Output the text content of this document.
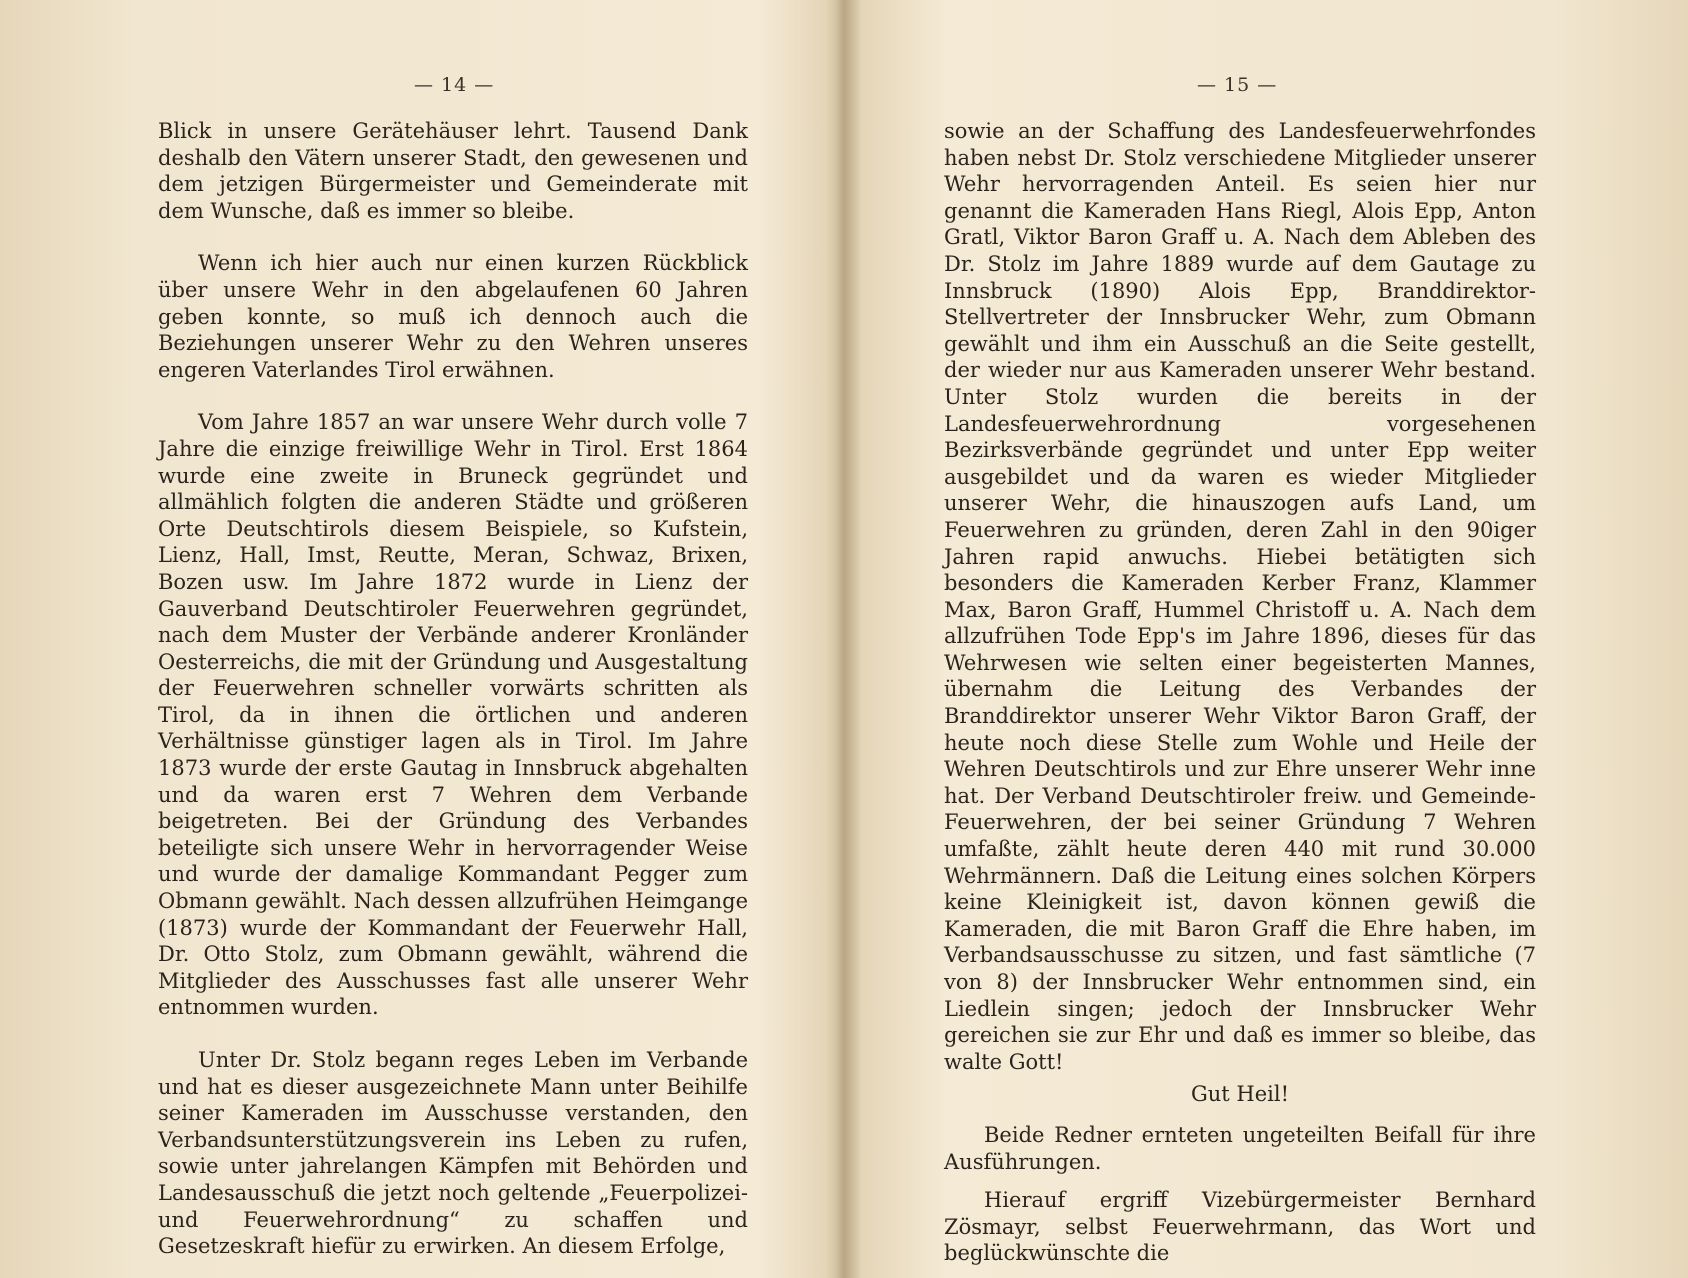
— 14 —

Blick in unsere Gerätehäuser lehrt. Tausend Dank deshalb den Vätern unserer Stadt, den gewesenen und dem jetzigen Bürgermeister und Gemeinderate mit dem Wunsche, daß es immer so bleibe.

Wenn ich hier auch nur einen kurzen Rückblick über unsere Wehr in den abgelaufenen 60 Jahren geben konnte, so muß ich dennoch auch die Beziehungen unserer Wehr zu den Wehren unseres engeren Vaterlandes Tirol erwähnen.

Vom Jahre 1857 an war unsere Wehr durch volle 7 Jahre die einzige freiwillige Wehr in Tirol. Erst 1864 wurde eine zweite in Bruneck gegründet und allmählich folgten die anderen Städte und größeren Orte Deutschtirols diesem Beispiele, so Kufstein, Lienz, Hall, Imst, Reutte, Meran, Schwaz, Brixen, Bozen usw. Im Jahre 1872 wurde in Lienz der Gauverband Deutschtiroler Feuerwehren gegründet, nach dem Muster der Verbände anderer Kronländer Oesterreichs, die mit der Gründung und Ausgestaltung der Feuerwehren schneller vorwärts schritten als Tirol, da in ihnen die örtlichen und anderen Verhältnisse günstiger lagen als in Tirol. Im Jahre 1873 wurde der erste Gautag in Innsbruck abgehalten und da waren erst 7 Wehren dem Verbande beigetreten. Bei der Gründung des Verbandes beteiligte sich unsere Wehr in hervorragender Weise und wurde der damalige Kommandant Pegger zum Obmann gewählt. Nach dessen allzufrühen Heimgange (1873) wurde der Kommandant der Feuerwehr Hall, Dr. Otto Stolz, zum Obmann gewählt, während die Mitglieder des Ausschusses fast alle unserer Wehr entnommen wurden.

Unter Dr. Stolz begann reges Leben im Verbande und hat es dieser ausgezeichnete Mann unter Beihilfe seiner Kameraden im Ausschusse verstanden, den Verbandsunterstützungsverein ins Leben zu rufen, sowie unter jahrelangen Kämpfen mit Behörden und Landesausschuß die jetzt noch geltende „Feuerpolizei- und Feuerwehrordnung“ zu schaffen und Gesetzeskraft hiefür zu erwirken. An diesem Erfolge,

— 15 —

sowie an der Schaffung des Landesfeuerwehrfondes haben nebst Dr. Stolz verschiedene Mitglieder unserer Wehr hervorragenden Anteil. Es seien hier nur genannt die Kameraden Hans Riegl, Alois Epp, Anton Gratl, Viktor Baron Graff u. A. Nach dem Ableben des Dr. Stolz im Jahre 1889 wurde auf dem Gautage zu Innsbruck (1890) Alois Epp, Branddirektor-Stellvertreter der Innsbrucker Wehr, zum Obmann gewählt und ihm ein Ausschuß an die Seite gestellt, der wieder nur aus Kameraden unserer Wehr bestand. Unter Stolz wurden die bereits in der Landesfeuerwehrordnung vorgesehenen Bezirksverbände gegründet und unter Epp weiter ausgebildet und da waren es wieder Mitglieder unserer Wehr, die hinauszogen aufs Land, um Feuerwehren zu gründen, deren Zahl in den 90iger Jahren rapid anwuchs. Hiebei betätigten sich besonders die Kameraden Kerber Franz, Klammer Max, Baron Graff, Hummel Christoff u. A. Nach dem allzufrühen Tode Epp's im Jahre 1896, dieses für das Wehrwesen wie selten einer begeisterten Mannes, übernahm die Leitung des Verbandes der Branddirektor unserer Wehr Viktor Baron Graff, der heute noch diese Stelle zum Wohle und Heile der Wehren Deutschtirols und zur Ehre unserer Wehr inne hat. Der Verband Deutschtiroler freiw. und Gemeinde-Feuerwehren, der bei seiner Gründung 7 Wehren umfaßte, zählt heute deren 440 mit rund 30.000 Wehrmännern. Daß die Leitung eines solchen Körpers keine Kleinigkeit ist, davon können gewiß die Kameraden, die mit Baron Graff die Ehre haben, im Verbandsausschusse zu sitzen, und fast sämtliche (7 von 8) der Innsbrucker Wehr entnommen sind, ein Liedlein singen; jedoch der Innsbrucker Wehr gereichen sie zur Ehr und daß es immer so bleibe, das walte Gott!

Gut Heil!

Beide Redner ernteten ungeteilten Beifall für ihre Ausführungen.

Hierauf ergriff Vizebürgermeister Bernhard Zösmayr, selbst Feuerwehrmann, das Wort und beglückwünschte die
